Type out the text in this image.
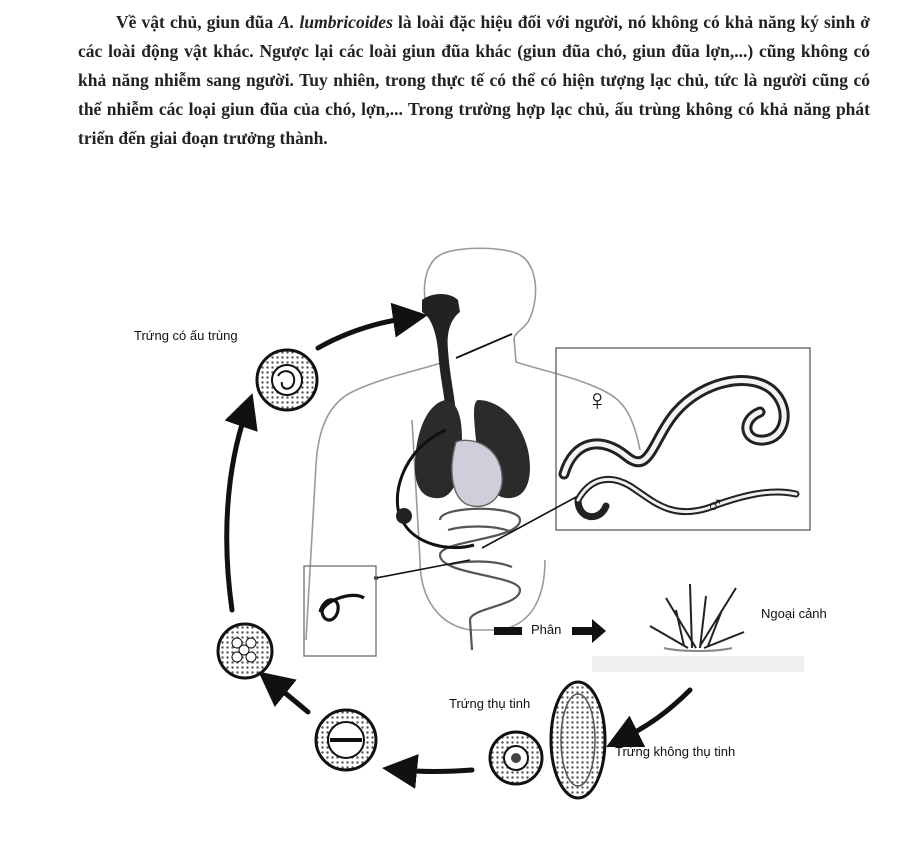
Về vật chủ, giun đũa A. lumbricoides là loài đặc hiệu đối với người, nó không có khả năng ký sinh ở các loài động vật khác. Ngược lại các loài giun đũa khác (giun đũa chó, giun đũa lợn,...) cũng không có khả năng nhiễm sang người. Tuy nhiên, trong thực tế có thể có hiện tượng lạc chủ, tức là người cũng có thể nhiễm các loại giun đũa của chó, lợn,... Trong trường hợp lạc chủ, ấu trùng không có khả năng phát triển đến giai đoạn trưởng thành.

Trứng có ấu trùng
Phân
Ngoại cảnh
Trứng thụ tinh
Trứng không thụ tinh
♀
♂
